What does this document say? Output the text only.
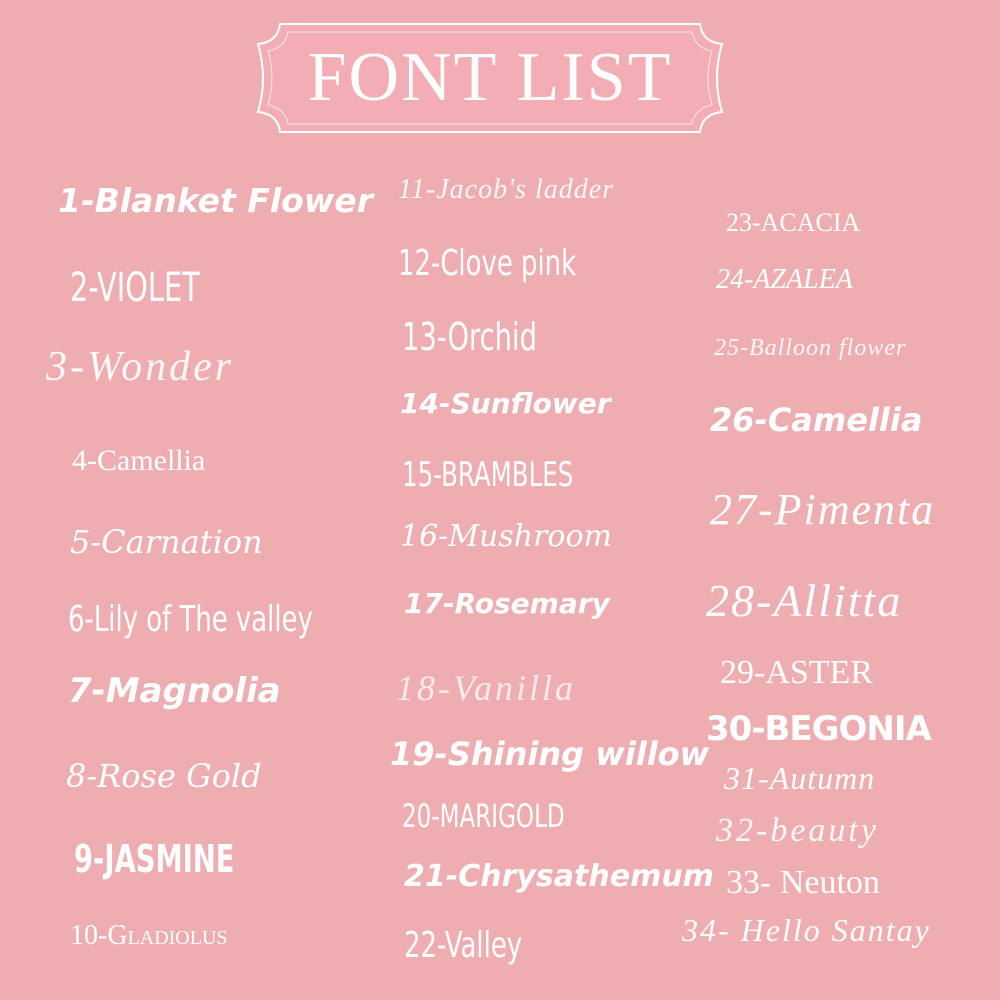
FONT LIST
1-Blanket Flower
2-VIOLET
3-Wonder
4-Camellia
5-Carnation
6-Lily of The valley
7-Magnolia
8-Rose Gold
9-JASMINE
10-Gladiolus
11-Jacob's ladder
12-Clove pink
13-Orchid
14-Sunflower
15-BRAMBLES
16-Mushroom
17-Rosemary
18-Vanilla
19-Shining willow
20-MARIGOLD
21-Chrysathemum
22-Valley
23-ACACIA
24-AZALEA
25-Balloon flower
26-Camellia
27-Pimenta
28-Allitta
29-ASTER
30-BEGONIA
31-Autumn
32-beauty
33- Neuton
34- Hello Santay
